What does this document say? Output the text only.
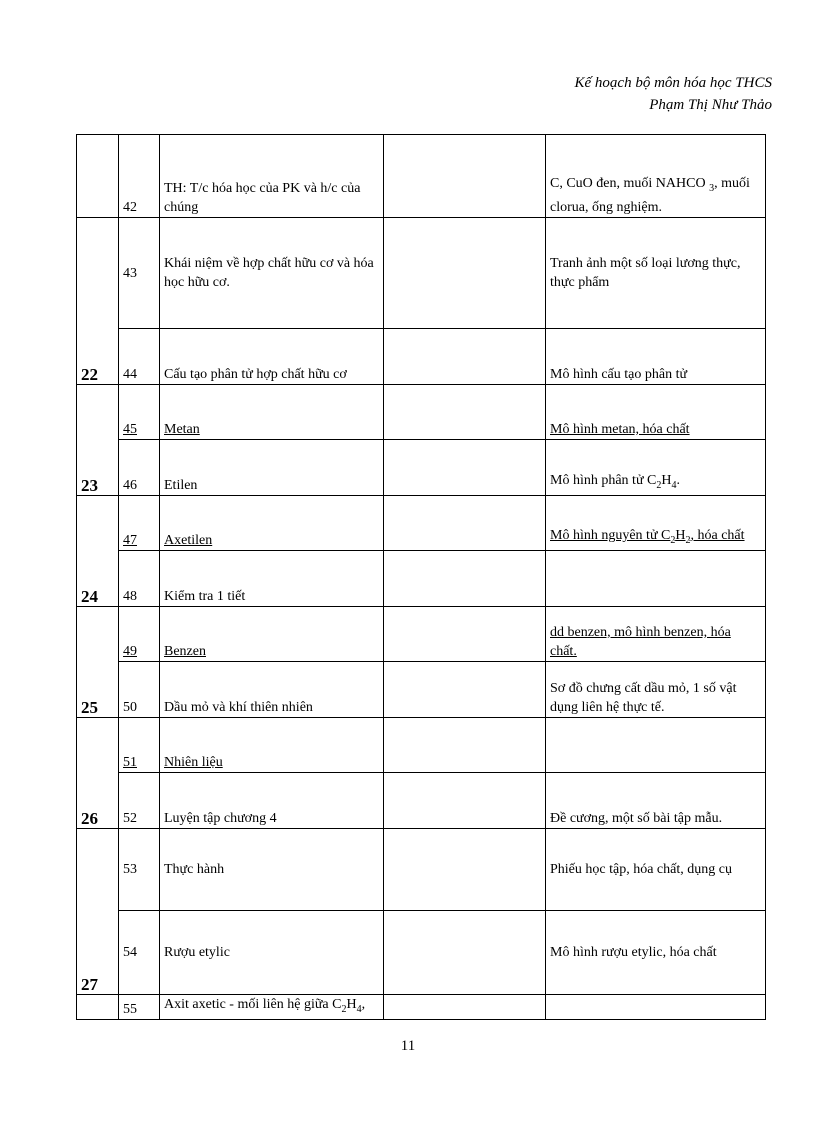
Kế hoạch bộ môn hóa học THCS
Phạm Thị Như Thảo
	42	TH: T/c hóa học của PK và h/c của chúng		C, CuO đen, muối NAHCO $_3$, muối clorua, ống nghiệm.
22	43	Khái niệm về hợp chất hữu cơ và hóa học hữu cơ.		Tranh ảnh một số loại lương thực, thực phẩm
	44	Cấu tạo phân tử hợp chất hữu cơ		Mô hình cấu tạo phân tử
23	45	Metan		Mô hình metan, hóa chất
	46	Etilen		Mô hình phân tử $C_2H_4$.
24	47	Axetilen		Mô hình nguyên tử $C_2H_2$, hóa chất
	48	Kiểm tra 1 tiết		
25	49	Benzen		dd benzen, mô hình benzen, hóa chất.
	50	Dầu mỏ và khí thiên nhiên		Sơ đồ chưng cất dầu mỏ, 1 số vật dụng liên hệ thực tế.
26	51	Nhiên liệu		
	52	Luyện tập chương 4		Đề cương, một số bài tập mẫu.
27	53	Thực hành		Phiếu học tập, hóa chất, dụng cụ
	54	Rượu etylic		Mô hình rượu etylic, hóa chất
	55	Axit axetic - mối liên hệ giữa $C_2H_4$,		
11
